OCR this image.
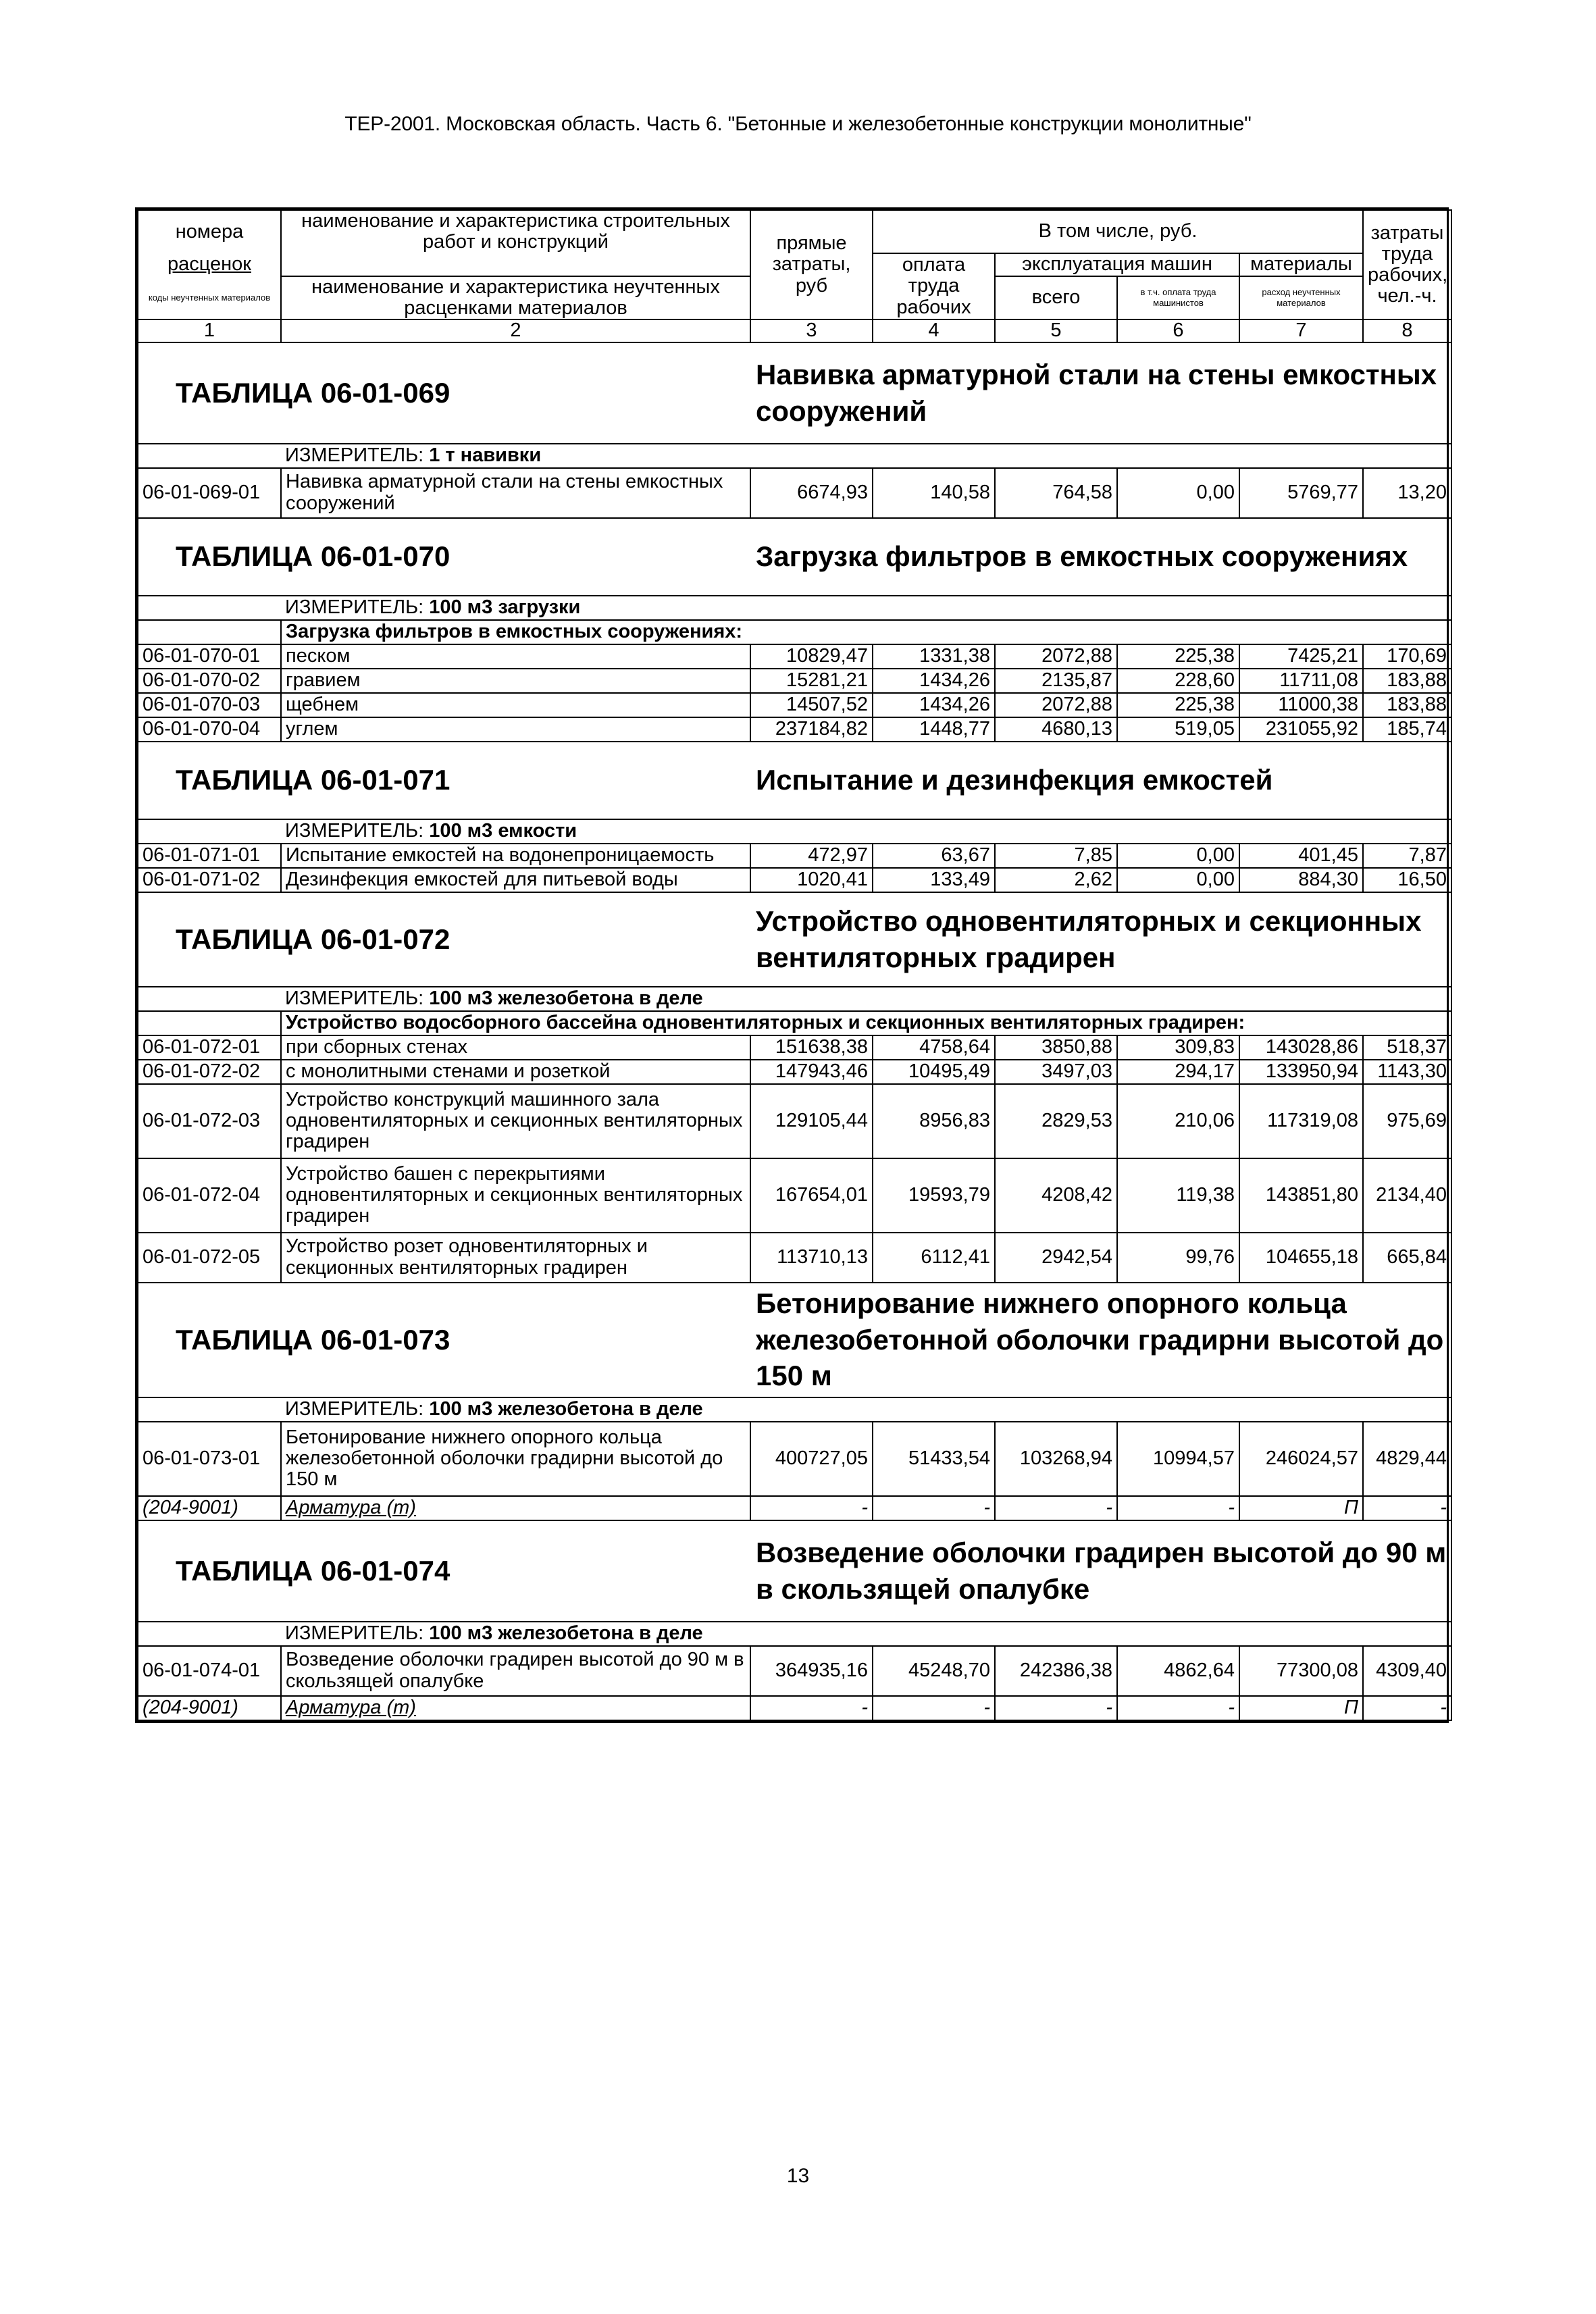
ТЕР-2001. Московская область. Часть 6. "Бетонные и железобетонные конструкции монолитные"
номера	наименование и характеристика строительных работ и конструкций	прямые затраты, руб	В том числе, руб.				затраты труда рабочих, чел.-ч.
расценок			оплата труда рабочих	эксплуатация машин		материалы	
коды неучтенных материалов	наименование и характеристика неучтенных расценками материалов			всего	в т.ч. оплата труда машинистов	расход неучтенных материалов	
1	2	3	4	5	6	7	8
ТАБЛИЦА 06-01-069		Навивка арматурной стали на стены емкостных сооружений					
	ИЗМЕРИТЕЛЬ: 1 т навивки						
06-01-069-01	Навивка арматурной стали на стены емкостных сооружений	6674,93	140,58	764,58	0,00	5769,77	13,20
ТАБЛИЦА 06-01-070		Загрузка фильтров в емкостных сооружениях					
	ИЗМЕРИТЕЛЬ: 100 м3 загрузки						
	Загрузка фильтров в емкостных сооружениях:						
06-01-070-01	песком	10829,47	1331,38	2072,88	225,38	7425,21	170,69
06-01-070-02	гравием	15281,21	1434,26	2135,87	228,60	11711,08	183,88
06-01-070-03	щебнем	14507,52	1434,26	2072,88	225,38	11000,38	183,88
06-01-070-04	углем	237184,82	1448,77	4680,13	519,05	231055,92	185,74
ТАБЛИЦА 06-01-071		Испытание и дезинфекция емкостей					
	ИЗМЕРИТЕЛЬ: 100 м3 емкости						
06-01-071-01	Испытание емкостей на водонепроницаемость	472,97	63,67	7,85	0,00	401,45	7,87
06-01-071-02	Дезинфекция емкостей для питьевой воды	1020,41	133,49	2,62	0,00	884,30	16,50
ТАБЛИЦА 06-01-072		Устройство одновентиляторных и секционных вентиляторных градирен					
	ИЗМЕРИТЕЛЬ: 100 м3 железобетона в деле						
	Устройство водосборного бассейна одновентиляторных и секционных вентиляторных градирен:						
06-01-072-01	при сборных стенах	151638,38	4758,64	3850,88	309,83	143028,86	518,37
06-01-072-02	с монолитными стенами и розеткой	147943,46	10495,49	3497,03	294,17	133950,94	1143,30
06-01-072-03	Устройство конструкций машинного зала одновентиляторных и секционных вентиляторных градирен	129105,44	8956,83	2829,53	210,06	117319,08	975,69
06-01-072-04	Устройство башен с перекрытиями одновентиляторных и секционных вентиляторных градирен	167654,01	19593,79	4208,42	119,38	143851,80	2134,40
06-01-072-05	Устройство розет одновентиляторных и секционных вентиляторных градирен	113710,13	6112,41	2942,54	99,76	104655,18	665,84
ТАБЛИЦА 06-01-073		Бетонирование нижнего опорного кольца железобетонной оболочки градирни высотой до 150 м					
	ИЗМЕРИТЕЛЬ: 100 м3 железобетона в деле						
06-01-073-01	Бетонирование нижнего опорного кольца железобетонной оболочки градирни высотой до 150 м	400727,05	51433,54	103268,94	10994,57	246024,57	4829,44
(204-9001)	Арматура (т)	-	-	-	-	П	-
ТАБЛИЦА 06-01-074		Возведение оболочки градирен высотой до 90 м в скользящей опалубке					
	ИЗМЕРИТЕЛЬ: 100 м3 железобетона в деле						
06-01-074-01	Возведение оболочки градирен высотой до 90 м в скользящей опалубке	364935,16	45248,70	242386,38	4862,64	77300,08	4309,40
(204-9001)	Арматура (т)	-	-	-	-	П	-
13
